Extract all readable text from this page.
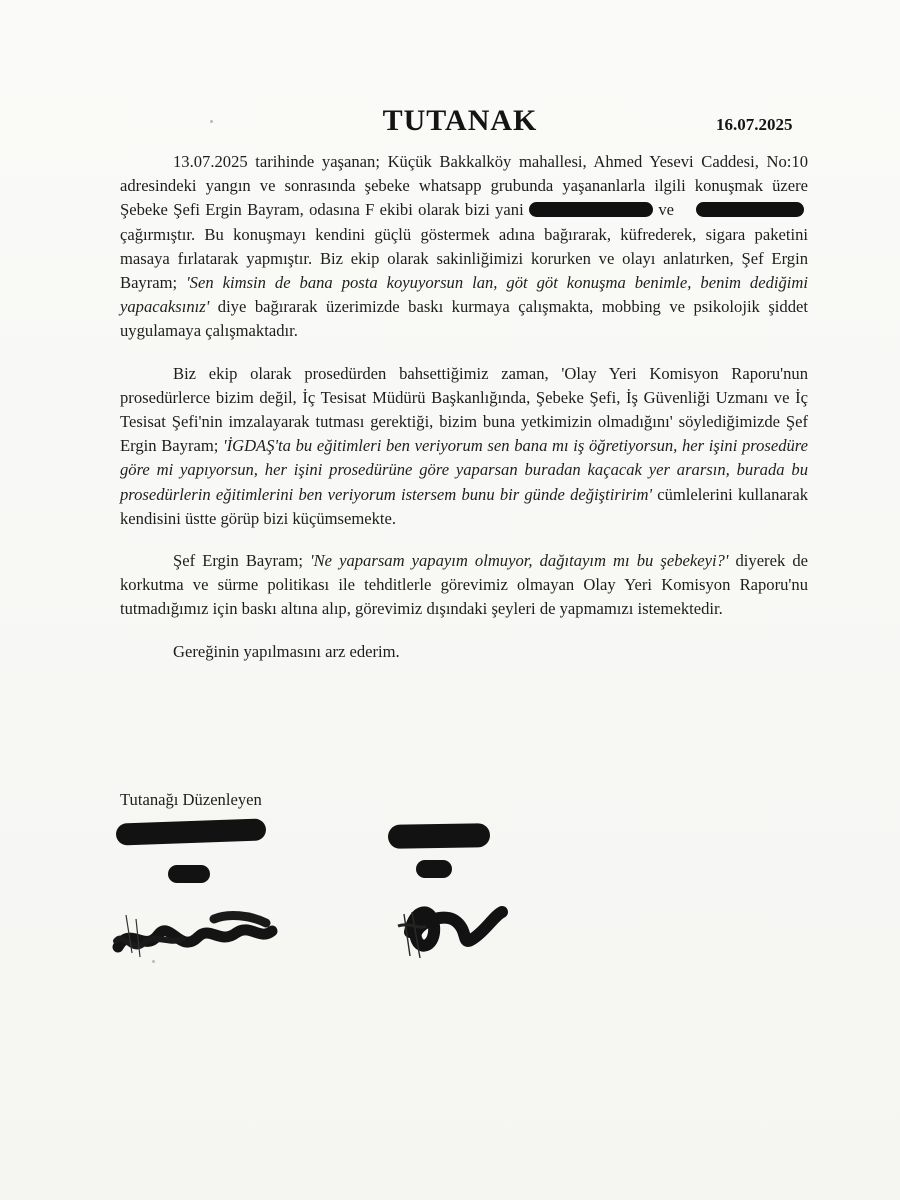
TUTANAK	16.07.2025

13.07.2025 tarihinde yaşanan; Küçük Bakkalköy mahallesi, Ahmed Yesevi Caddesi, No:10 adresindeki yangın ve sonrasında şebeke whatsapp grubunda yaşananlarla ilgili konuşmak üzere Şebeke Şefi Ergin Bayram, odasına F ekibi olarak bizi yani	ve çağırmıştır. Bu konuşmayı kendini güçlü göstermek adına bağırarak, küfrederek, sigara paketini masaya fırlatarak yapmıştır. Biz ekip olarak sakinliğimizi korurken ve olayı anlatırken, Şef Ergin Bayram; 'Sen kimsin de bana posta koyuyorsun lan, göt göt konuşma benimle, benim dediğimi yapacaksınız' diye bağırarak üzerimizde baskı kurmaya çalışmakta, mobbing ve psikolojik şiddet uygulamaya çalışmaktadır.

Biz ekip olarak prosedürden bahsettiğimiz zaman, 'Olay Yeri Komisyon Raporu'nun prosedürlerce bizim değil, İç Tesisat Müdürü Başkanlığında, Şebeke Şefi, İş Güvenliği Uzmanı ve İç Tesisat Şefi'nin imzalayarak tutması gerektiği, bizim buna yetkimizin olmadığını' söylediğimizde Şef Ergin Bayram; 'İGDAŞ'ta bu eğitimleri ben veriyorum sen bana mı iş öğretiyorsun, her işini prosedüre göre mi yapıyorsun, her işini prosedürüne göre yaparsan buradan kaçacak yer ararsın, burada bu prosedürlerin eğitimlerini ben veriyorum istersem bunu bir günde değiştiririm' cümlelerini kullanarak kendisini üstte görüp bizi küçümsemekte.

Şef Ergin Bayram; 'Ne yaparsam yapayım olmuyor, dağıtayım mı bu şebekeyi?' diyerek de korkutma ve sürme politikası ile tehditlerle görevimiz olmayan Olay Yeri Komisyon Raporu'nu tutmadığımız için baskı altına alıp, görevimiz dışındaki şeyleri de yapmamızı istemektedir.

Gereğinin yapılmasını arz ederim.

Tutanağı Düzenleyen
